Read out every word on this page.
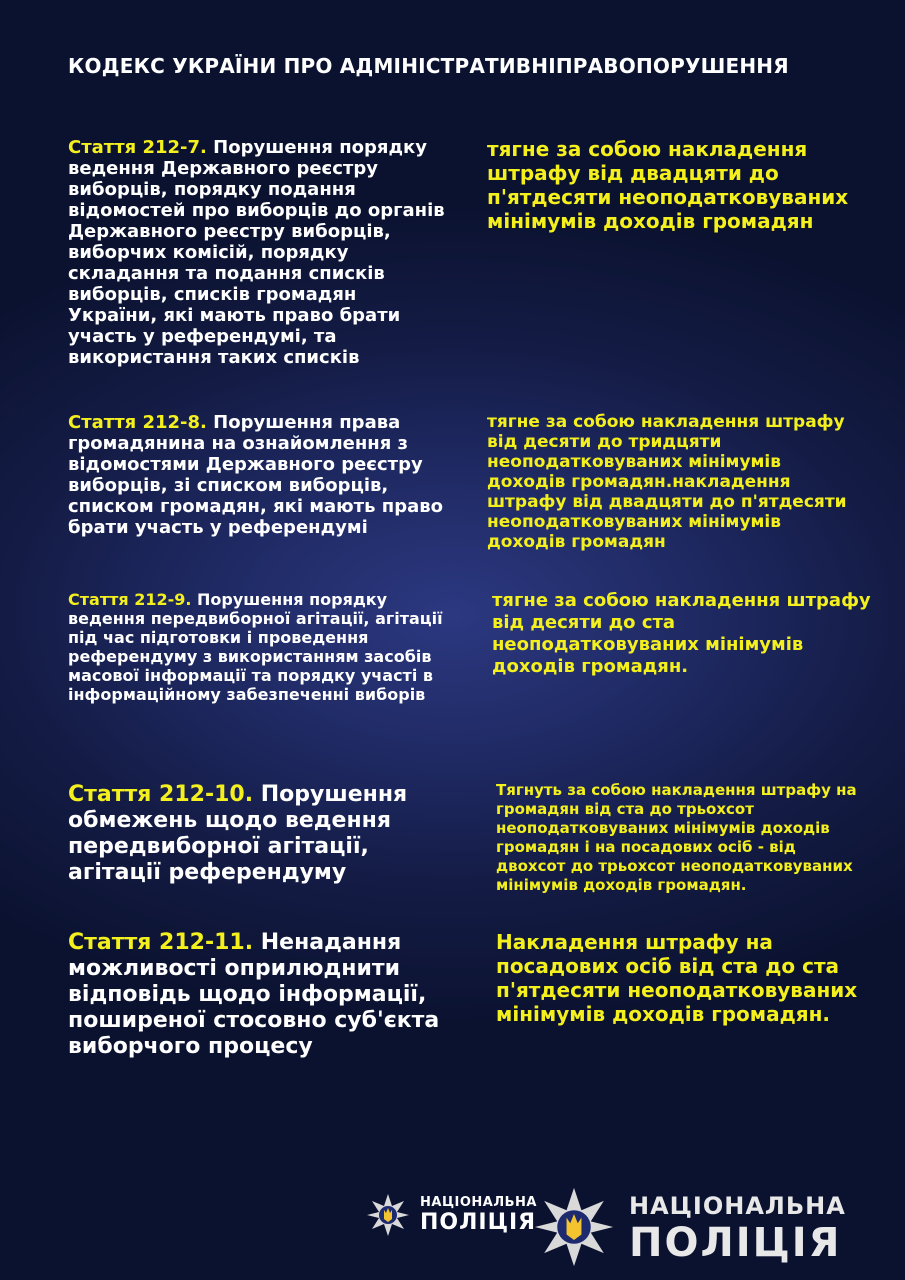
КОДЕКС УКРАЇНИ ПРО АДМІНІСТРАТИВНІПРАВОПОРУШЕННЯ
Стаття 212-7. Порушення порядку ведення Державного реєстру виборців, порядку подання відомостей про виборців до органів Державного реєстру виборців, виборчих комісій, порядку складання та подання списків виборців, списків громадян України, які мають право брати участь у референдумі, та використання таких списків
тягне за собою накладення штрафу від двадцяти до п'ятдесяти неоподатковуваних мінімумів доходів громадян
Стаття 212-8. Порушення права громадянина на ознайомлення з відомостями Державного реєстру виборців, зі списком виборців, списком громадян, які мають право брати участь у референдумі
тягне за собою накладення штрафу від десяти до тридцяти неоподатковуваних мінімумів доходів громадян.накладення штрафу від двадцяти до п'ятдесяти неоподатковуваних мінімумів доходів громадян
Стаття 212-9. Порушення порядку ведення передвиборної агітації, агітації під час підготовки і проведення референдуму з використанням засобів масової інформації та порядку участі в інформаційному забезпеченні виборів
тягне за собою накладення штрафу від десяти до ста неоподатковуваних мінімумів доходів громадян.
Стаття 212-10. Порушення обмежень щодо ведення передвиборної агітації, агітації референдуму
Тягнуть за собою накладення штрафу на громадян від ста до трьохсот неоподатковуваних мінімумів доходів громадян і на посадових осіб - від двохсот до трьохсот неоподатковуваних мінімумів доходів громадян.
Стаття 212-11. Ненадання можливості оприлюднити відповідь щодо інформації, поширеної стосовно суб'єкта виборчого процесу
Накладення штрафу на посадових осіб від ста до ста п'ятдесяти неоподатковуваних мінімумів доходів громадян.
НАЦІОНАЛЬНА
ПОЛІЦІЯ
НАЦІОНАЛЬНА
ПОЛІЦІЯ
